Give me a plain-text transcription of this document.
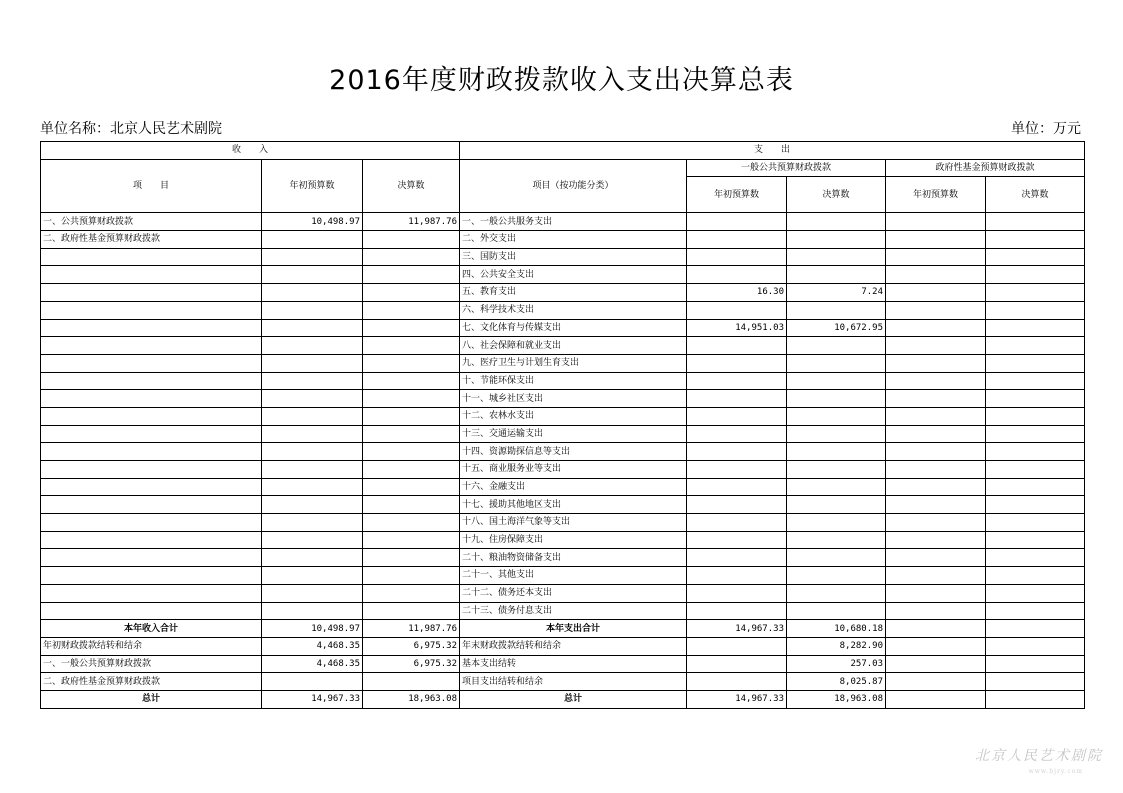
2016年度财政拨款收入支出决算总表
单位名称：北京人民艺术剧院	单位：万元
收　　入			支　　出				
项　　目	年初预算数	决算数	项目（按功能分类）	一般公共预算财政拨款		政府性基金预算财政拨款	
				年初预算数	决算数	年初预算数	决算数

一、公共预算财政拨款	10,498.97	11,987.76	一、一般公共服务支出				
二、政府性基金预算财政拨款			二、外交支出				
			三、国防支出				
			四、公共安全支出				
			五、教育支出	16.30	7.24		
			六、科学技术支出				
			七、文化体育与传媒支出	14,951.03	10,672.95		
			八、社会保障和就业支出				
			九、医疗卫生与计划生育支出				
			十、节能环保支出				
			十一、城乡社区支出				
			十二、农林水支出				
			十三、交通运输支出				
			十四、资源勘探信息等支出				
			十五、商业服务业等支出				
			十六、金融支出				
			十七、援助其他地区支出				
			十八、国土海洋气象等支出				
			十九、住房保障支出				
			二十、粮油物资储备支出				
			二十一、其他支出				
			二十二、债务还本支出				
			二十三、债务付息支出				
本年收入合计	10,498.97	11,987.76	本年支出合计	14,967.33	10,680.18		
年初财政拨款结转和结余	4,468.35	6,975.32	年末财政拨款结转和结余		8,282.90		
一、一般公共预算财政拨款	4,468.35	6,975.32	基本支出结转		257.03		
二、政府性基金预算财政拨款			项目支出结转和结余		8,025.87		
总计	14,967.33	18,963.08	总计	14,967.33	18,963.08		
北京人民艺术剧院
www.bjry.com
